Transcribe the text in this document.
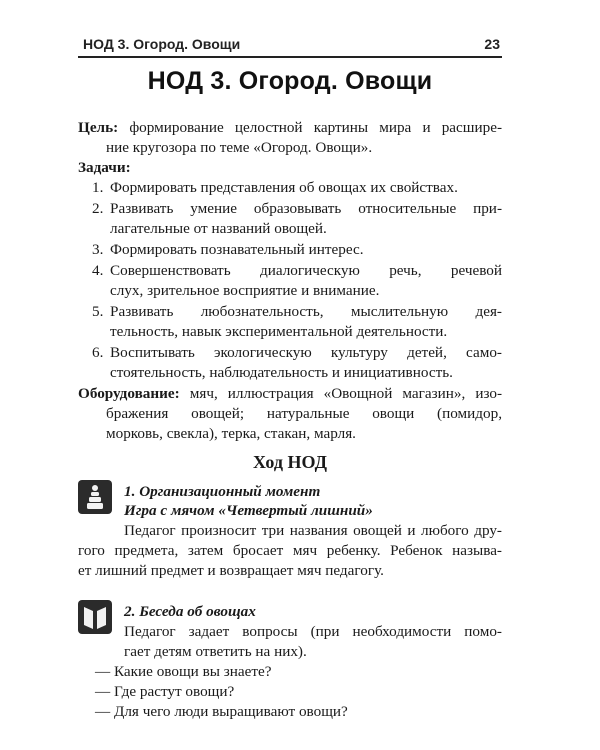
НОД 3. Огород. Овощи	23
НОД 3. Огород. Овощи
Цель: формирование целостной картины мира и расшире-
ние кругозора по теме «Огород. Овощи».
Задачи:
1. Формировать представления об овощах их свойствах.
2. Развивать умение образовывать относительные при-
лагательные от названий овощей.
3. Формировать познавательный интерес.
4. Совершенствовать диалогическую речь, речевой
слух, зрительное восприятие и внимание.
5. Развивать любознательность, мыслительную дея-
тельность, навык экспериментальной деятельности.
6. Воспитывать экологическую культуру детей, само-
стоятельность, наблюдательность и инициативность.
Оборудование: мяч, иллюстрация «Овощной магазин», изо-
бражения овощей; натуральные овощи (помидор,
морковь, свекла), терка, стакан, марля.
Ход НОД
1. Организационный момент
Игра с мячом «Четвертый лишний»
Педагог произносит три названия овощей и любого дру-
гого предмета, затем бросает мяч ребенку. Ребенок называ-
ет лишний предмет и возвращает мяч педагогу.
2. Беседа об овощах
Педагог задает вопросы (при необходимости помо-
гает детям ответить на них).
— Какие овощи вы знаете?
— Где растут овощи?
— Для чего люди выращивают овощи?
